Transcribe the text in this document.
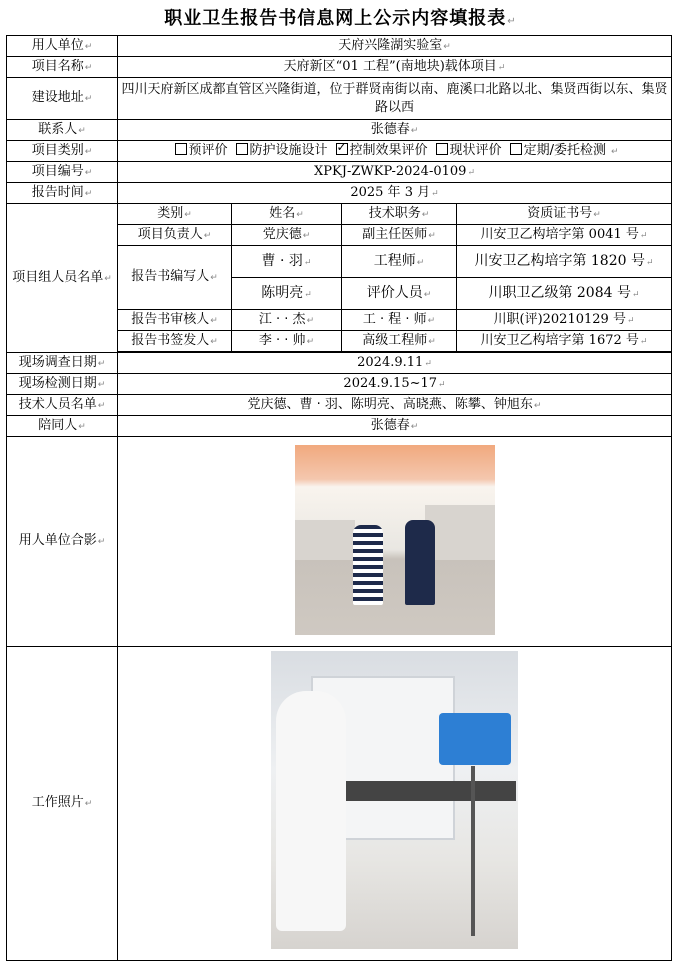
职业卫生报告书信息网上公示内容填报表↵
用人单位↵	天府兴隆湖实验室↵			
项目名称↵	天府新区“01 工程”(南地块)载体项目↵			
建设地址↵	四川天府新区成都直管区兴隆街道，位于群贤南街以南、鹿溪口北路以北、集贤西街以东、集贤路以西			
联系人↵	张德春↵			
项目类别↵	预评价 防护设施设计 ✓ 控制效果评价 现状评价 定期/委托检测 ↵
项目编号↵	XPKJ-ZWKP-2024-0109↵			
报告时间↵	2025 年 3 月↵			
项目组人员名单↵	类别↵	姓名↵	技术职务↵	资质证书号↵
	项目负责人↵	党庆德↵	副主任医师↵	川安卫乙构培字第 0041 号↵
	报告书编写人↵	曹 · 羽↵	工程师↵	川安卫乙构培字第 1820 号↵
		陈明亮↵	评价人员↵	川职卫乙级第 2084 号↵
	报告书审核人↵	江 · · 杰↵	工 · 程 · 师↵	川职(评)20210129 号↵
	报告书签发人↵	李 · · 帅↵	高级工程师↵	川安卫乙构培字第 1672 号↵

现场调查日期↵	2024.9.11↵			
现场检测日期↵	2024.9.15~17↵			
技术人员名单↵	党庆德、曹 · 羽、陈明亮、高晓燕、陈攀、钟旭东↵			
陪同人↵	张德春↵			
用人单位合影↵				

工作照片↵				
